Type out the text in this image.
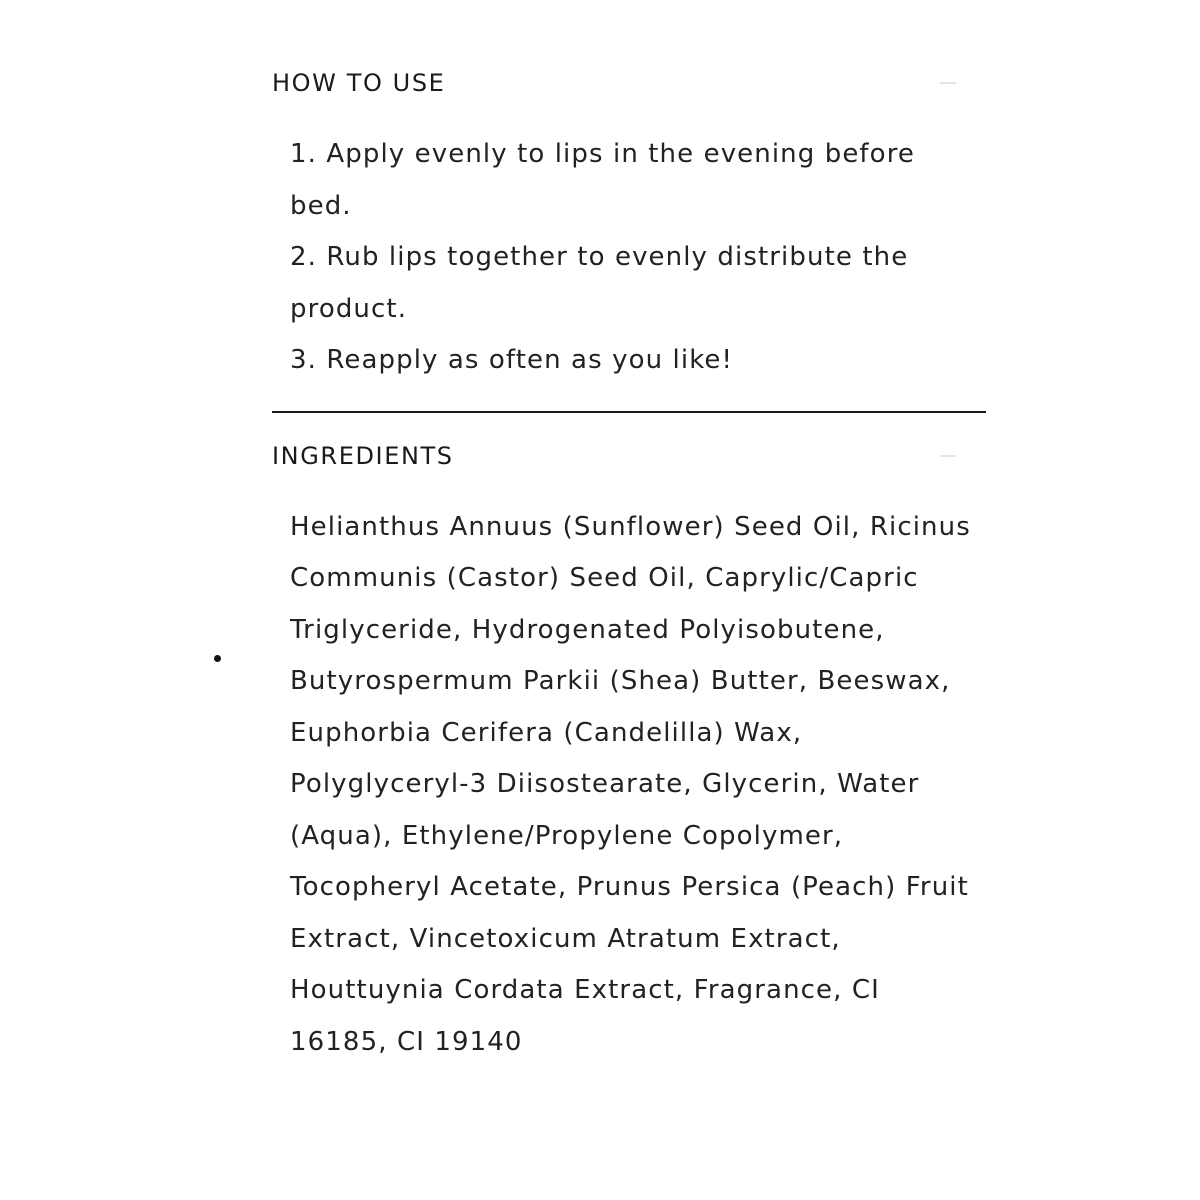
HOW TO USE
1. Apply evenly to lips in the evening before bed.
2. Rub lips together to evenly distribute the product.
3. Reapply as often as you like!
INGREDIENTS
Helianthus Annuus (Sunflower) Seed Oil, Ricinus Communis (Castor) Seed Oil, Caprylic/Capric Triglyceride, Hydrogenated Polyisobutene, Butyrospermum Parkii (Shea) Butter, Beeswax, Euphorbia Cerifera (Candelilla) Wax, Polyglyceryl-3 Diisostearate, Glycerin, Water (Aqua), Ethylene/Propylene Copolymer, Tocopheryl Acetate, Prunus Persica (Peach) Fruit Extract, Vincetoxicum Atratum Extract, Houttuynia Cordata Extract, Fragrance, CI 16185, CI 19140
